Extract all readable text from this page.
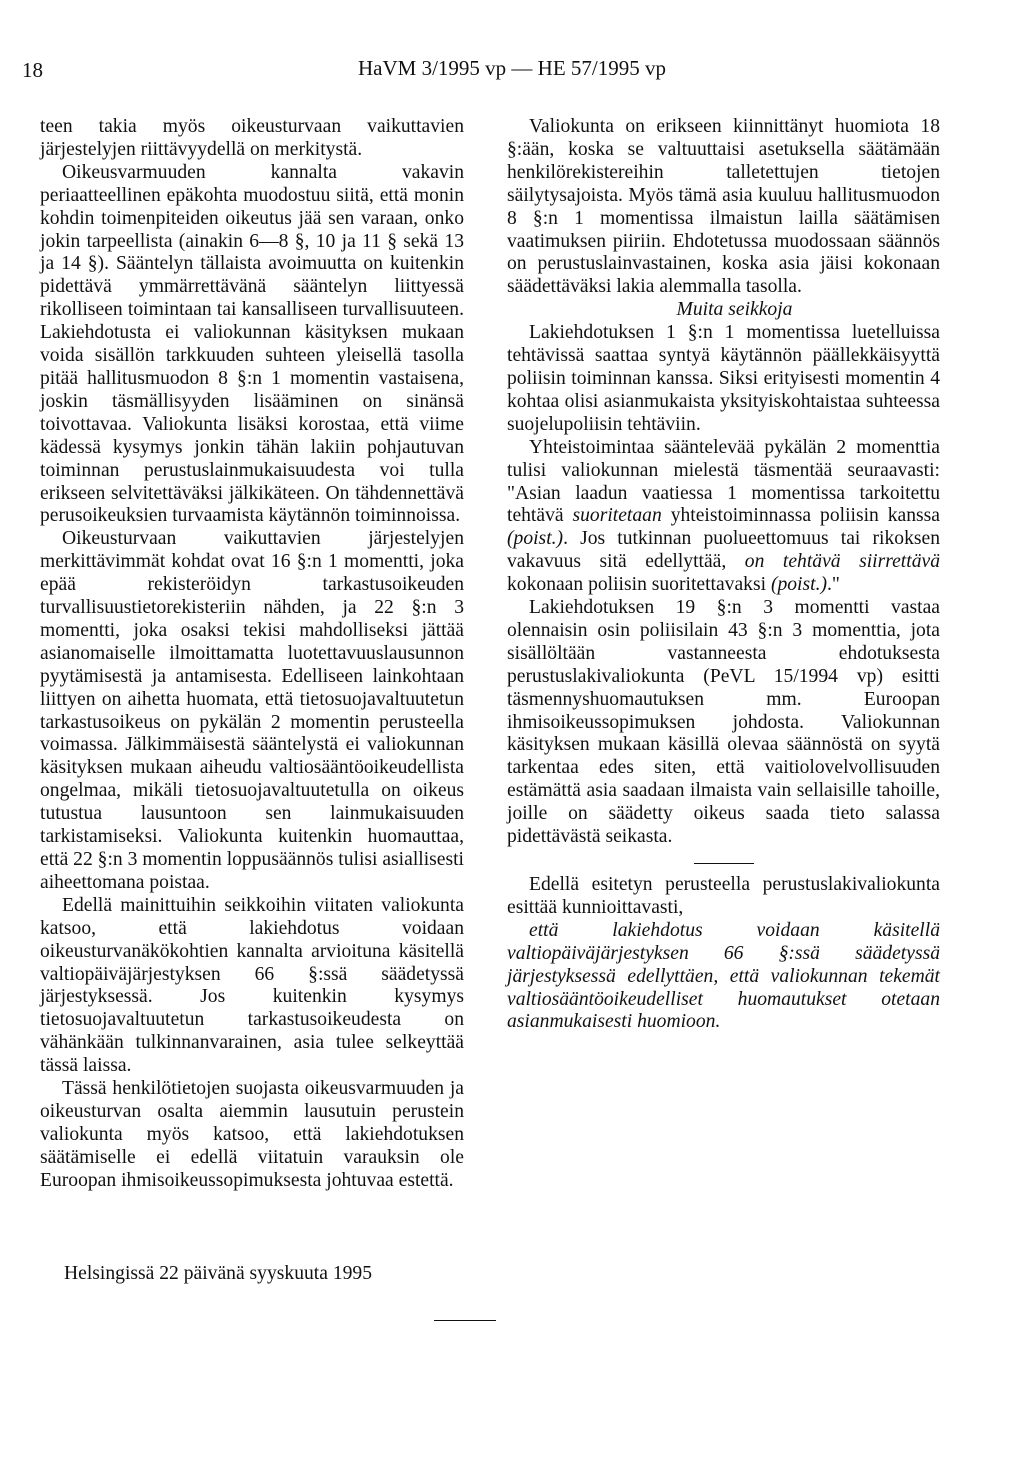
18	HaVM 3/1995 vp — HE 57/1995 vp

teen takia myös oikeusturvaan vaikuttavien järjestelyjen riittävyydellä on merkitystä.

Oikeusvarmuuden kannalta vakavin periaatteellinen epäkohta muodostuu siitä, että monin kohdin toimenpiteiden oikeutus jää sen varaan, onko jokin tarpeellista (ainakin 6—8 §, 10 ja 11 § sekä 13 ja 14 §). Sääntelyn tällaista avoimuutta on kuitenkin pidettävä ymmärrettävänä sääntelyn liittyessä rikolliseen toimintaan tai kansalliseen turvallisuuteen. Lakiehdotusta ei valiokunnan käsityksen mukaan voida sisällön tarkkuuden suhteen yleisellä tasolla pitää hallitusmuodon 8 §:n 1 momentin vastaisena, joskin täsmällisyyden lisääminen on sinänsä toivottavaa. Valiokunta lisäksi korostaa, että viime kädessä kysymys jonkin tähän lakiin pohjautuvan toiminnan perustuslainmukaisuudesta voi tulla erikseen selvitettäväksi jälkikäteen. On tähdennettävä perusoikeuksien turvaamista käytännön toiminnoissa.

Oikeusturvaan vaikuttavien järjestelyjen merkittävimmät kohdat ovat 16 §:n 1 momentti, joka epää rekisteröidyn tarkastusoikeuden turvallisuustietorekisteriin nähden, ja 22 §:n 3 momentti, joka osaksi tekisi mahdolliseksi jättää asianomaiselle ilmoittamatta luotettavuuslausunnon pyytämisestä ja antamisesta. Edelliseen lainkohtaan liittyen on aihetta huomata, että tietosuojavaltuutetun tarkastusoikeus on pykälän 2 momentin perusteella voimassa. Jälkimmäisestä sääntelystä ei valiokunnan käsityksen mukaan aiheudu valtiosääntöoikeudellista ongelmaa, mikäli tietosuojavaltuutetulla on oikeus tutustua lausuntoon sen lainmukaisuuden tarkistamiseksi. Valiokunta kuitenkin huomauttaa, että 22 §:n 3 momentin loppusäännös tulisi asiallisesti aiheettomana poistaa.

Edellä mainittuihin seikkoihin viitaten valiokunta katsoo, että lakiehdotus voidaan oikeusturvanäkökohtien kannalta arvioituna käsitellä valtiopäiväjärjestyksen 66 §:ssä säädetyssä järjestyksessä. Jos kuitenkin kysymys tietosuojavaltuutetun tarkastusoikeudesta on vähänkään tulkinnanvarainen, asia tulee selkeyttää tässä laissa.

Tässä henkilötietojen suojasta oikeusvarmuuden ja oikeusturvan osalta aiemmin lausutuin perustein valiokunta myös katsoo, että lakiehdotuksen säätämiselle ei edellä viitatuin varauksin ole Euroopan ihmisoikeussopimuksesta johtuvaa estettä.

Valiokunta on erikseen kiinnittänyt huomiota 18 §:ään, koska se valtuuttaisi asetuksella säätämään henkilörekistereihin talletettujen tietojen säilytysajoista. Myös tämä asia kuuluu hallitusmuodon 8 §:n 1 momentissa ilmaistun lailla säätämisen vaatimuksen piiriin. Ehdotetussa muodossaan säännös on perustuslainvastainen, koska asia jäisi kokonaan säädettäväksi lakia alemmalla tasolla.

Muita seikkoja

Lakiehdotuksen 1 §:n 1 momentissa luetelluissa tehtävissä saattaa syntyä käytännön päällekkäisyyttä poliisin toiminnan kanssa. Siksi erityisesti momentin 4 kohtaa olisi asianmukaista yksityiskohtaistaa suhteessa suojelupoliisin tehtäviin.

Yhteistoimintaa sääntelevää pykälän 2 momenttia tulisi valiokunnan mielestä täsmentää seuraavasti: "Asian laadun vaatiessa 1 momentissa tarkoitettu tehtävä suoritetaan yhteistoiminnassa poliisin kanssa (poist.). Jos tutkinnan puolueettomuus tai rikoksen vakavuus sitä edellyttää, on tehtävä siirrettävä kokonaan poliisin suoritettavaksi (poist.)."

Lakiehdotuksen 19 §:n 3 momentti vastaa olennaisin osin poliisilain 43 §:n 3 momenttia, jota sisällöltään vastanneesta ehdotuksesta perustuslakivaliokunta (PeVL 15/1994 vp) esitti täsmennyshuomautuksen mm. Euroopan ihmisoikeussopimuksen johdosta. Valiokunnan käsityksen mukaan käsillä olevaa säännöstä on syytä tarkentaa edes siten, että vaitiolovelvollisuuden estämättä asia saadaan ilmaista vain sellaisille tahoille, joille on säädetty oikeus saada tieto salassa pidettävästä seikasta.

Edellä esitetyn perusteella perustuslakivaliokunta esittää kunnioittavasti,

että lakiehdotus voidaan käsitellä valtiopäiväjärjestyksen 66 §:ssä säädetyssä järjestyksessä edellyttäen, että valiokunnan tekemät valtiosääntöoikeudelliset huomautukset otetaan asianmukaisesti huomioon.

Helsingissä 22 päivänä syyskuuta 1995
